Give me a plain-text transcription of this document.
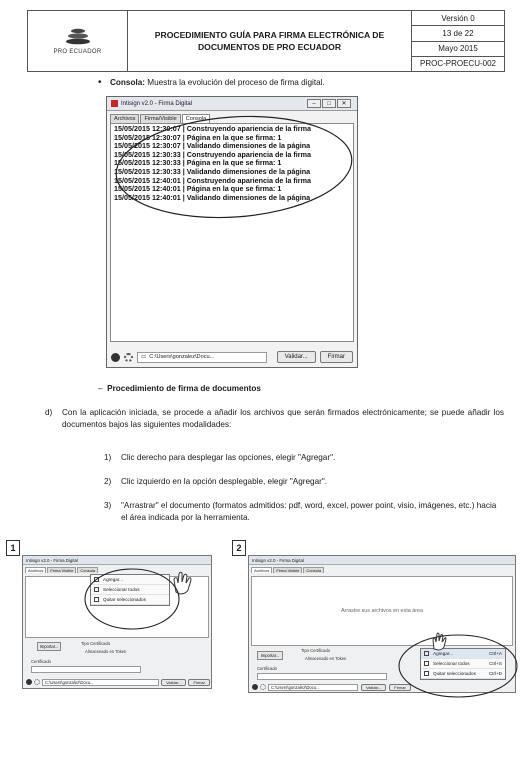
PRO ECUADOR
PROCEDIMIENTO GUÍA PARA FIRMA ELECTRÓNICA DE DOCUMENTOS DE PRO ECUADOR
Versión 0
13 de 22
Mayo 2015
PROC-PROECU-002
•	Consola: Muestra la evolución del proceso de firma digital.
Intisign v2.0 - Firma Digital	–	□	✕
Archivos	Firma/Visible	Consola
15/05/2015 12:30:07 | Construyendo apariencia de la firma
15/05/2015 12:30:07 | Página en la que se firma: 1
15/05/2015 12:30:07 | Validando dimensiones de la página
15/05/2015 12:30:33 | Construyendo apariencia de la firma
15/05/2015 12:30:33 | Página en la que se firma: 1
15/05/2015 12:30:33 | Validando dimensiones de la página
15/05/2015 12:40:01 | Construyendo apariencia de la firma
15/05/2015 12:40:01 | Página en la que se firma: 1
15/05/2015 12:40:01 | Validando dimensiones de la página
▭ C:\Users\gonzalez\Docu...	Validar...	Firmar
– Procedimiento de firma de documentos
d)	Con la aplicación iniciada, se procede a añadir los archivos que serán firmados electrónicamente; se puede añadir los documentos bajos las siguientes modalidades:
1)	Clic derecho para desplegar las opciones, elegir "Agregar".
2)	Clic izquierdo en la opción desplegable, elegir "Agregar".
3)	"Arrastrar" el documento (formatos admitidos: pdf, word, excel, power point, visio, imágenes, etc.) hacia el área indicada por la herramienta.
1
Intisign v2.0 - Firma Digital
Archivos	Firma Visible	Consola
Importar...
Tipo Certificado
Almacenado en Token
Certificado
C:\Users\gonzalez\Docu...	Validar...	Firmar
Agregar...
Seleccionar todos
Quitar seleccionados
2
Intisign v2.0 - Firma Digital
Archivos	Firma Visible	Consola
Arrastre sus archivos en esta área
Importar...
Tipo Certificado
Almacenado en Token
Certificado
C:\Users\gonzalez\Docu...	Validar...	Firmar
Agregar...	Ctrl+A
Seleccionar todos	Ctrl+S
Quitar seleccionados	Ctrl+D
